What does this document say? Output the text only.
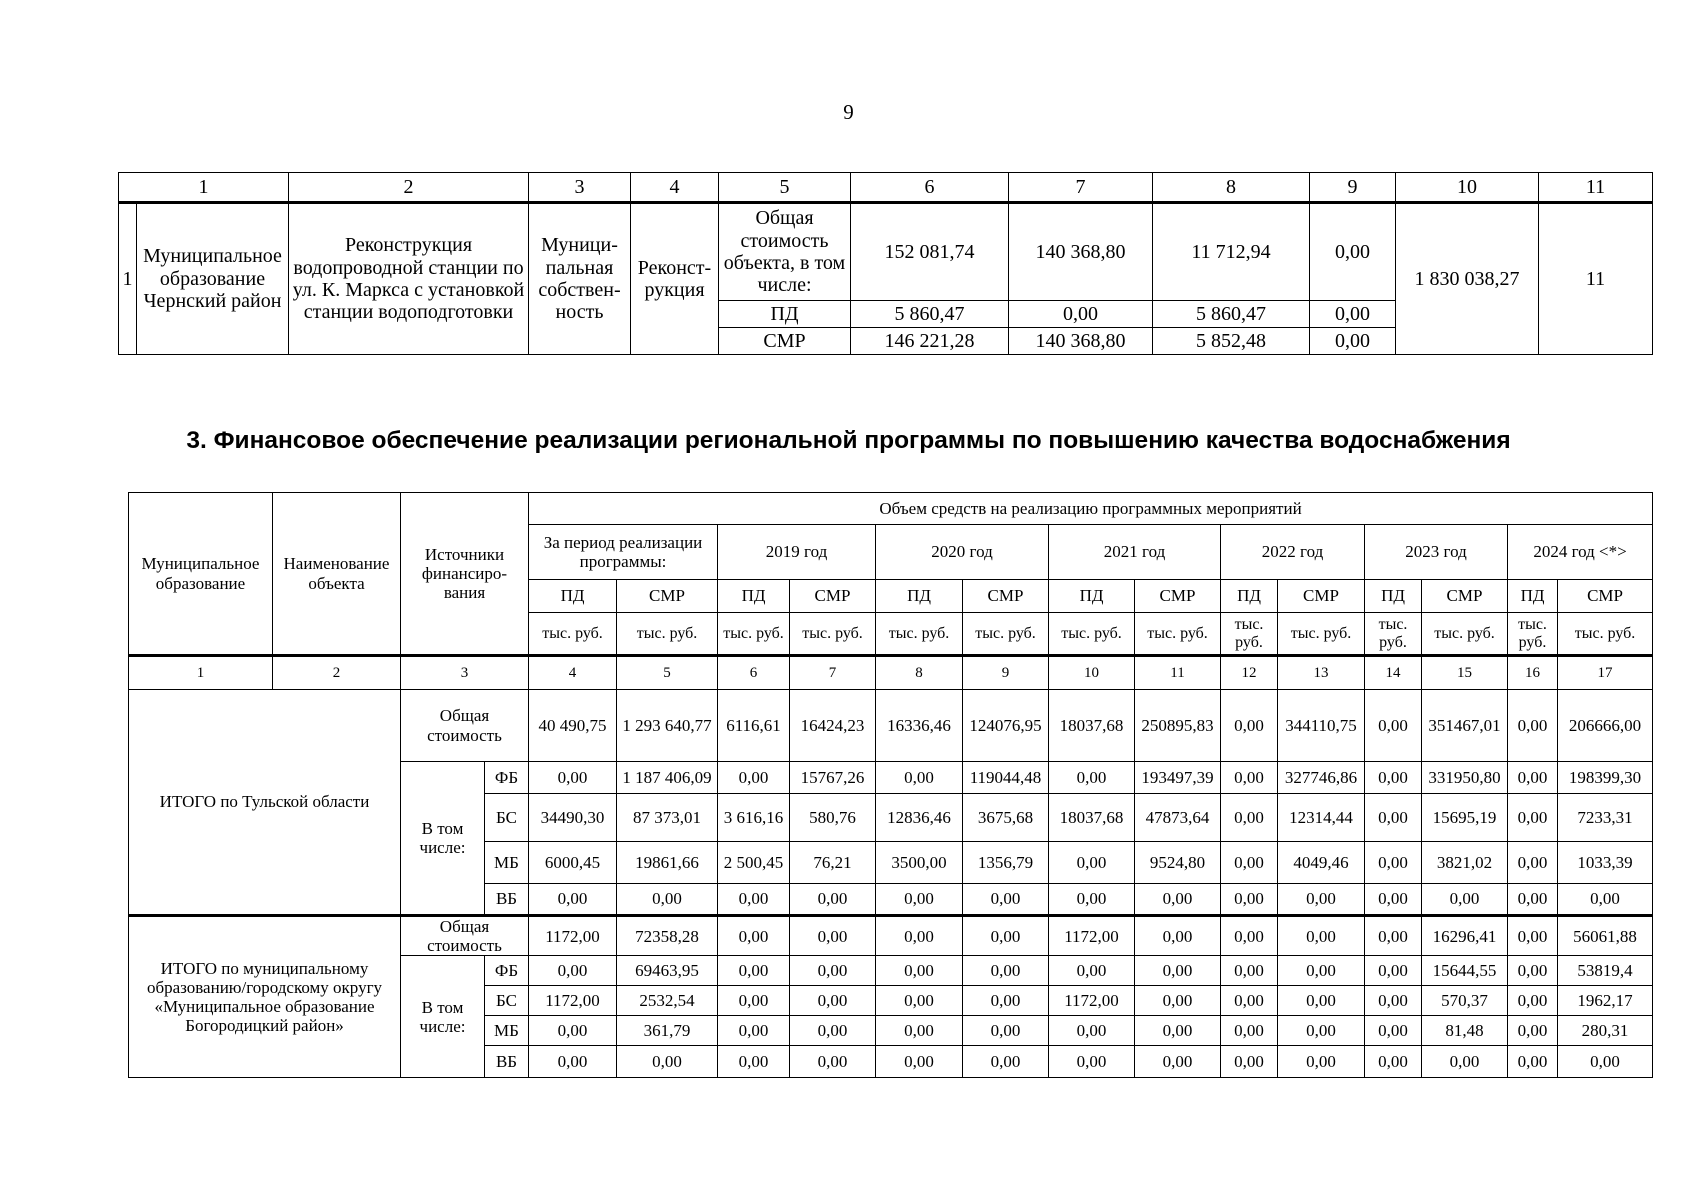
9
1		2	3	4	5	6	7	8	9	10	11
1	Муниципальное образование Чернский район	Реконструкция водопроводной станции по ул. К. Маркса с установкой станции водоподготовки	Муници-пальная собствен-ность	Реконст-рукция	Общая стоимость объекта, в том числе:	152 081,74	140 368,80	11 712,94	0,00	1 830 038,27	11
					ПД	5 860,47	0,00	5 860,47	0,00		
					СМР	146 221,28	140 368,80	5 852,48	0,00		
3. Финансовое обеспечение реализации региональной программы по повышению качества водоснабжения
Муниципальное образование	Наименование объекта	Источники финансиро-вания		Объем средств на реализацию программных мероприятий													
				За период реализации программы:		2019 год		2020 год		2021 год		2022 год		2023 год		2024 год <*>	
				ПД	СМР	ПД	СМР	ПД	СМР	ПД	СМР	ПД	СМР	ПД	СМР	ПД	СМР
				тыс. руб.	тыс. руб.	тыс. руб.	тыс. руб.	тыс. руб.	тыс. руб.	тыс. руб.	тыс. руб.	тыс. руб.	тыс. руб.	тыс. руб.	тыс. руб.	тыс. руб.	тыс. руб.
1	2	3		4	5	6	7	8	9	10	11	12	13	14	15	16	17
ИТОГО по Тульской области		Общая стоимость		40 490,75	1 293 640,77	6116,61	16424,23	16336,46	124076,95	18037,68	250895,83	0,00	344110,75	0,00	351467,01	0,00	206666,00
		В том числе:	ФБ	0,00	1 187 406,09	0,00	15767,26	0,00	119044,48	0,00	193497,39	0,00	327746,86	0,00	331950,80	0,00	198399,30
			БС	34490,30	87 373,01	3 616,16	580,76	12836,46	3675,68	18037,68	47873,64	0,00	12314,44	0,00	15695,19	0,00	7233,31
			МБ	6000,45	19861,66	2 500,45	76,21	3500,00	1356,79	0,00	9524,80	0,00	4049,46	0,00	3821,02	0,00	1033,39
			ВБ	0,00	0,00	0,00	0,00	0,00	0,00	0,00	0,00	0,00	0,00	0,00	0,00	0,00	0,00
ИТОГО по муниципальному образованию/городскому округу «Муниципальное образование Богородицкий район»		Общая стоимость		1172,00	72358,28	0,00	0,00	0,00	0,00	1172,00	0,00	0,00	0,00	0,00	16296,41	0,00	56061,88
		В том числе:	ФБ	0,00	69463,95	0,00	0,00	0,00	0,00	0,00	0,00	0,00	0,00	0,00	15644,55	0,00	53819,4
			БС	1172,00	2532,54	0,00	0,00	0,00	0,00	1172,00	0,00	0,00	0,00	0,00	570,37	0,00	1962,17
			МБ	0,00	361,79	0,00	0,00	0,00	0,00	0,00	0,00	0,00	0,00	0,00	81,48	0,00	280,31
			ВБ	0,00	0,00	0,00	0,00	0,00	0,00	0,00	0,00	0,00	0,00	0,00	0,00	0,00	0,00
